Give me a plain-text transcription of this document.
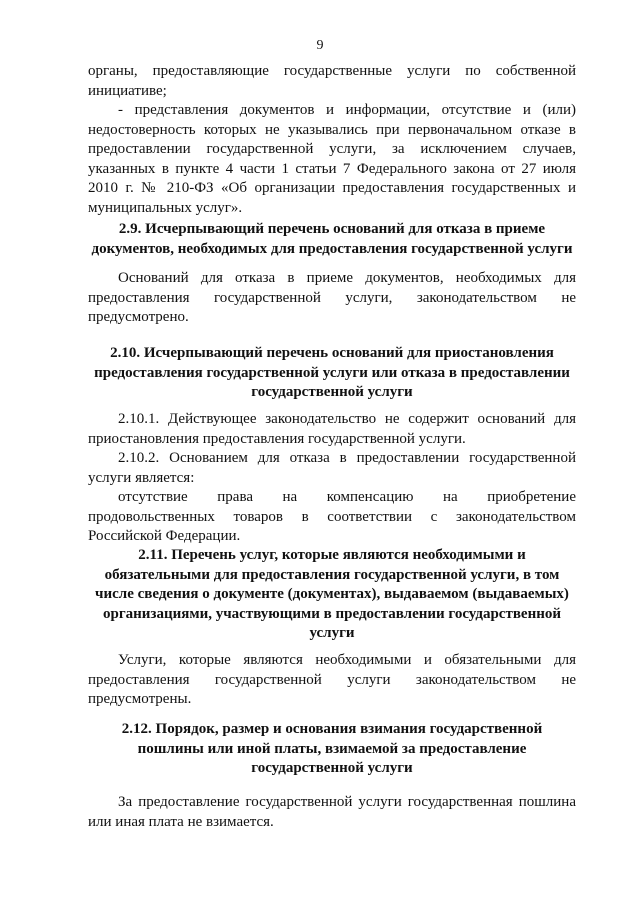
9
органы, предоставляющие государственные услуги по собственной
инициативе;

- представления документов и информации, отсутствие и (или) недостоверность которых не указывались при первоначальном отказе в предоставлении государственной услуги, за исключением случаев, указанных в пункте 4 части 1 статьи 7 Федерального закона от 27 июля 2010 г. № 210-ФЗ «Об организации предоставления государственных и муниципальных услуг».

2.9. Исчерпывающий перечень оснований для отказа в приеме документов, необходимых для предоставления государственной услуги

Оснований для отказа в приеме документов, необходимых для предоставления государственной услуги, законодательством не предусмотрено.

2.10. Исчерпывающий перечень оснований для приостановления предоставления государственной услуги или отказа в предоставлении государственной услуги

2.10.1. Действующее законодательство не содержит оснований для приостановления предоставления государственной услуги.

2.10.2. Основанием для отказа в предоставлении государственной услуги является:

отсутствие права на компенсацию на приобретение продовольственных товаров в соответствии с законодательством Российской Федерации.

2.11. Перечень услуг, которые являются необходимыми и обязательными для предоставления государственной услуги, в том числе сведения о документе (документах), выдаваемом (выдаваемых) организациями, участвующими в предоставлении государственной услуги

Услуги, которые являются необходимыми и обязательными для предоставления государственной услуги законодательством не предусмотрены.

2.12. Порядок, размер и основания взимания государственной пошлины или иной платы, взимаемой за предоставление государственной услуги

За предоставление государственной услуги государственная пошлина или иная плата не взимается.
